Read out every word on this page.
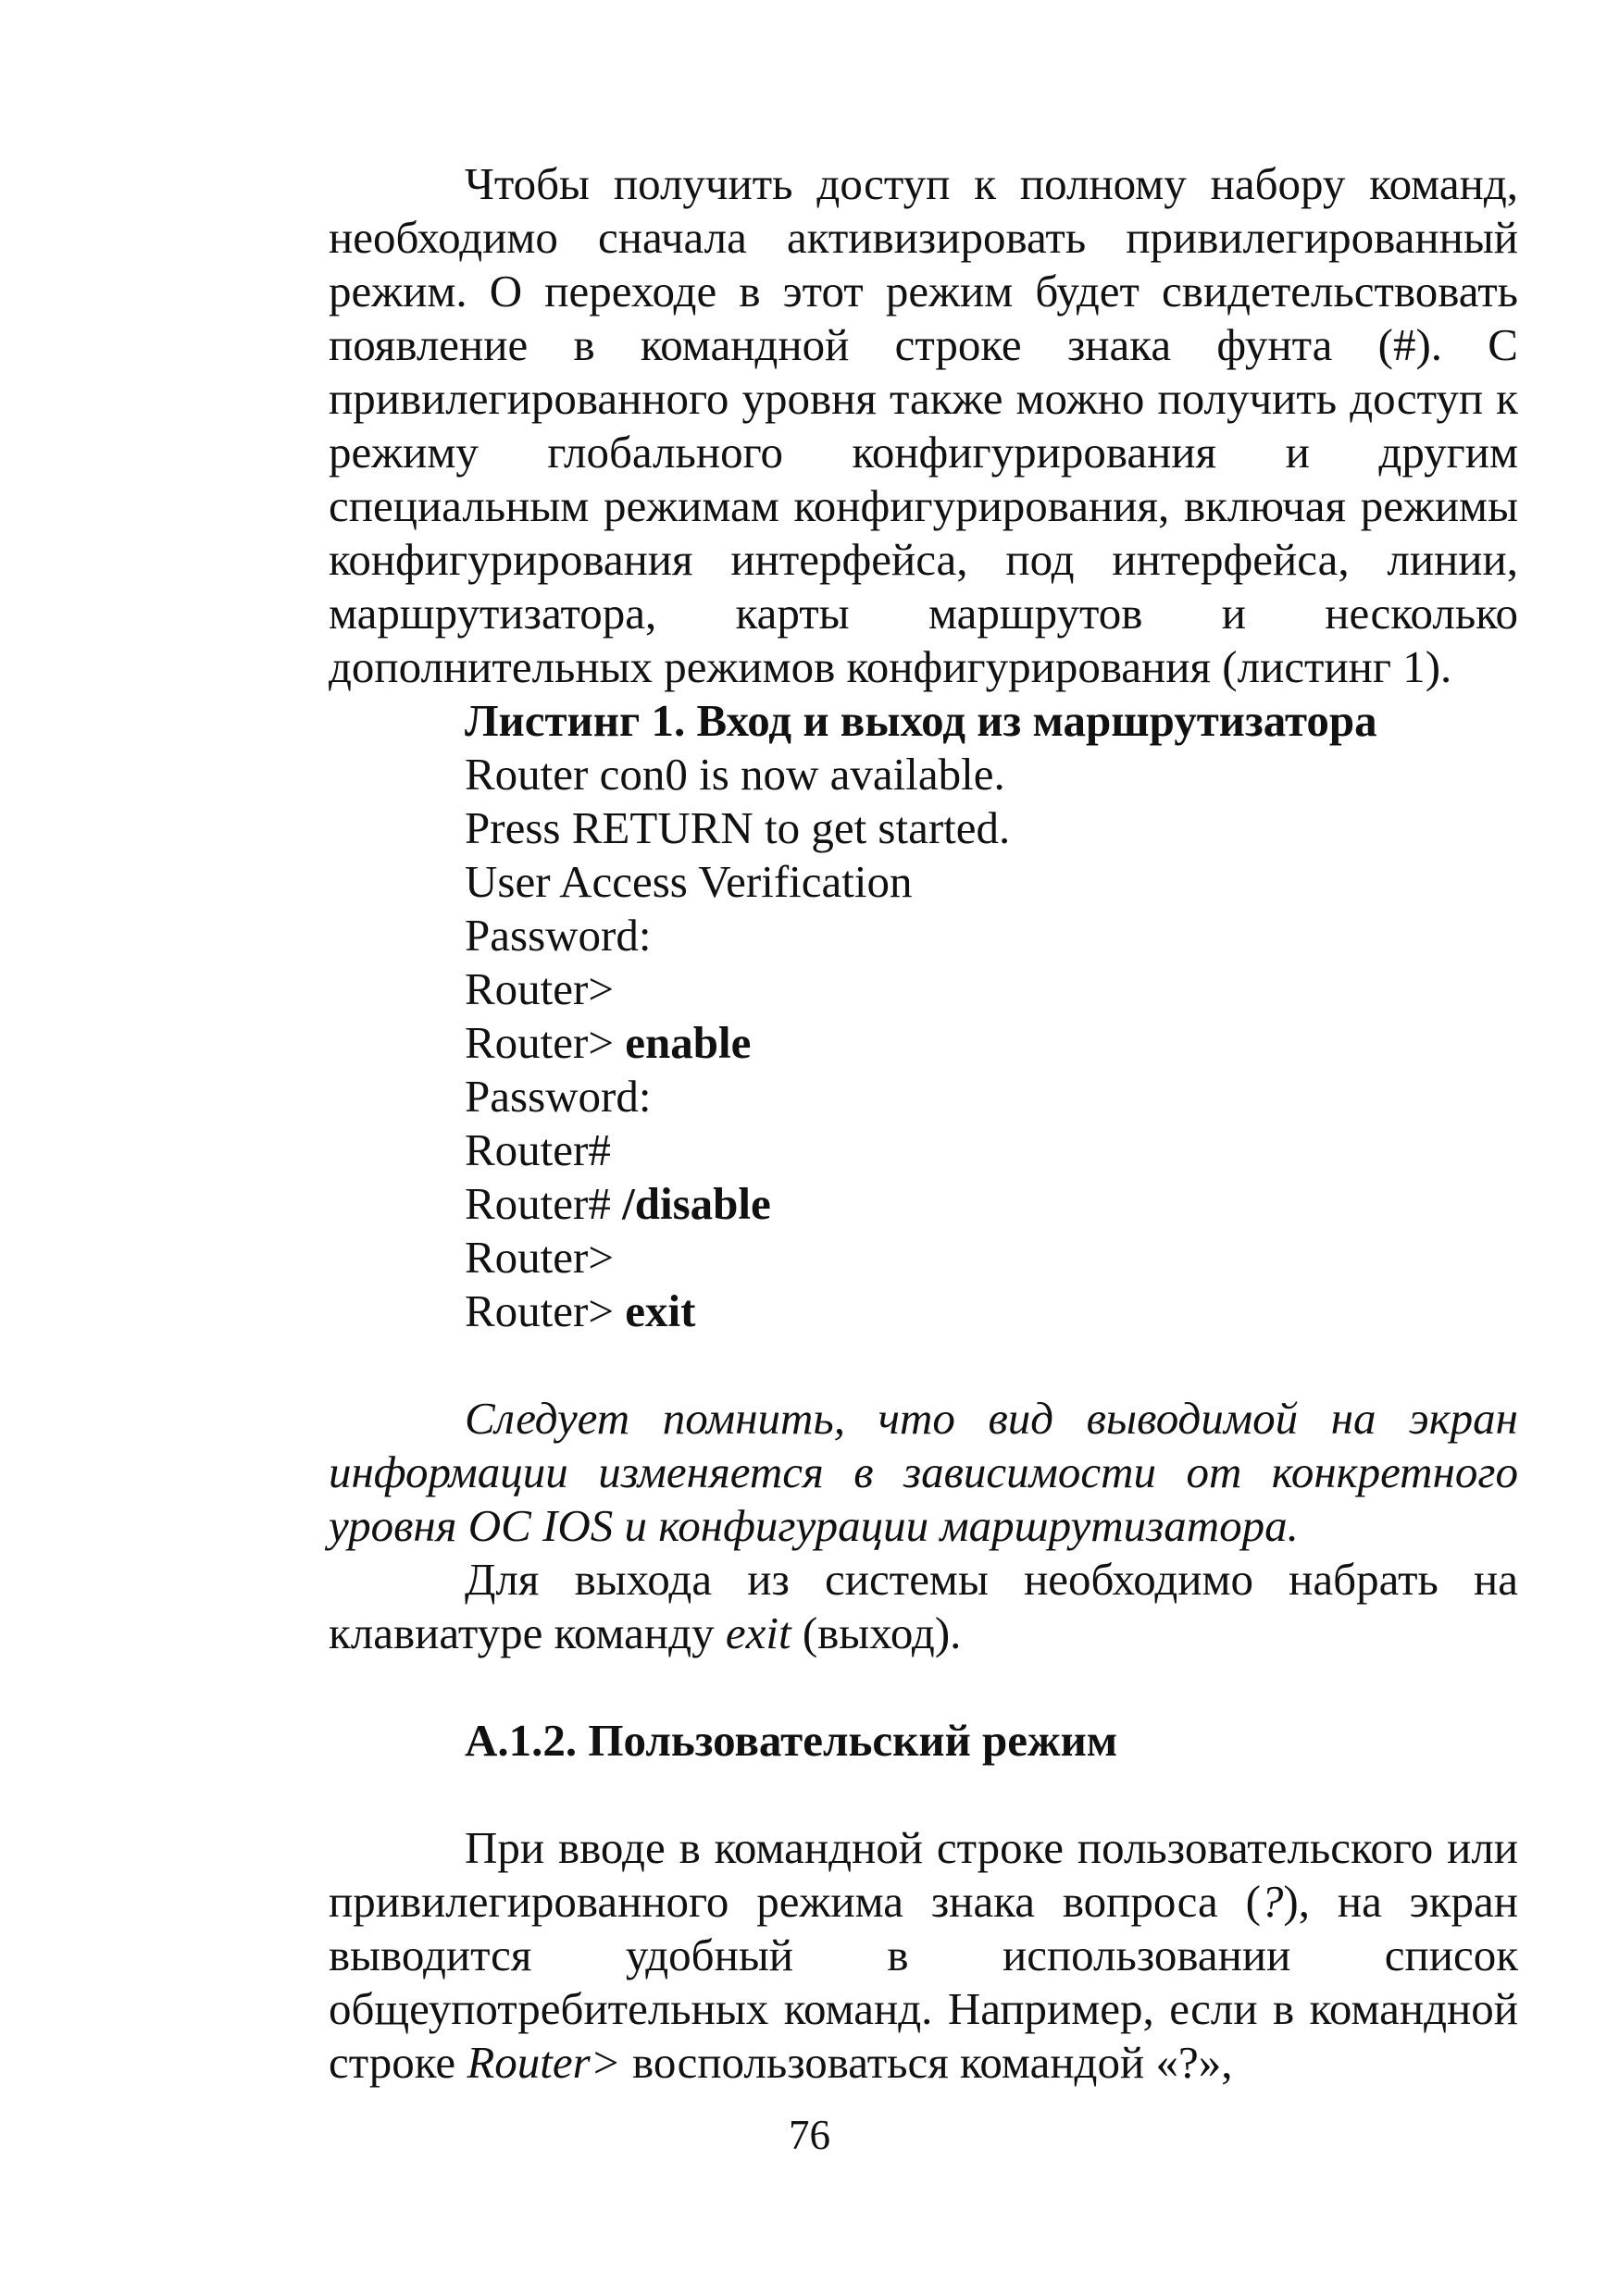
Чтобы получить доступ к полному набору команд, необходимо сначала активизировать привилегированный режим. О переходе в этот режим будет свидетельствовать появление в командной строке знака фунта (#). С привилегированного уровня также можно получить доступ к режиму глобального конфигурирования и другим специальным режимам конфигурирования, включая режимы конфигурирования интерфейса, под интерфейса, линии, маршрутизатора, карты маршрутов и несколько дополнительных режимов конфигурирования (листинг 1).

Листинг 1. Вход и выход из маршрутизатора
Router con0 is now available.
Press RETURN to get started.
User Access Verification
Password:
Router>
Router> enable
Password:
Router#
Router# /disable
Router>
Router> exit

Следует помнить, что вид выводимой на экран информации изменяется в зависимости от конкретного уровня ОС IOS и конфигурации маршрутизатора.

Для выхода из системы необходимо набрать на клавиатуре команду exit (выход).

А.1.2. Пользовательский режим

При вводе в командной строке пользовательского или привилегированного режима знака вопроса (?), на экран выводится удобный в использовании список общеупотребительных команд. Например, если в командной строке Router> воспользоваться командой «?»,

76
